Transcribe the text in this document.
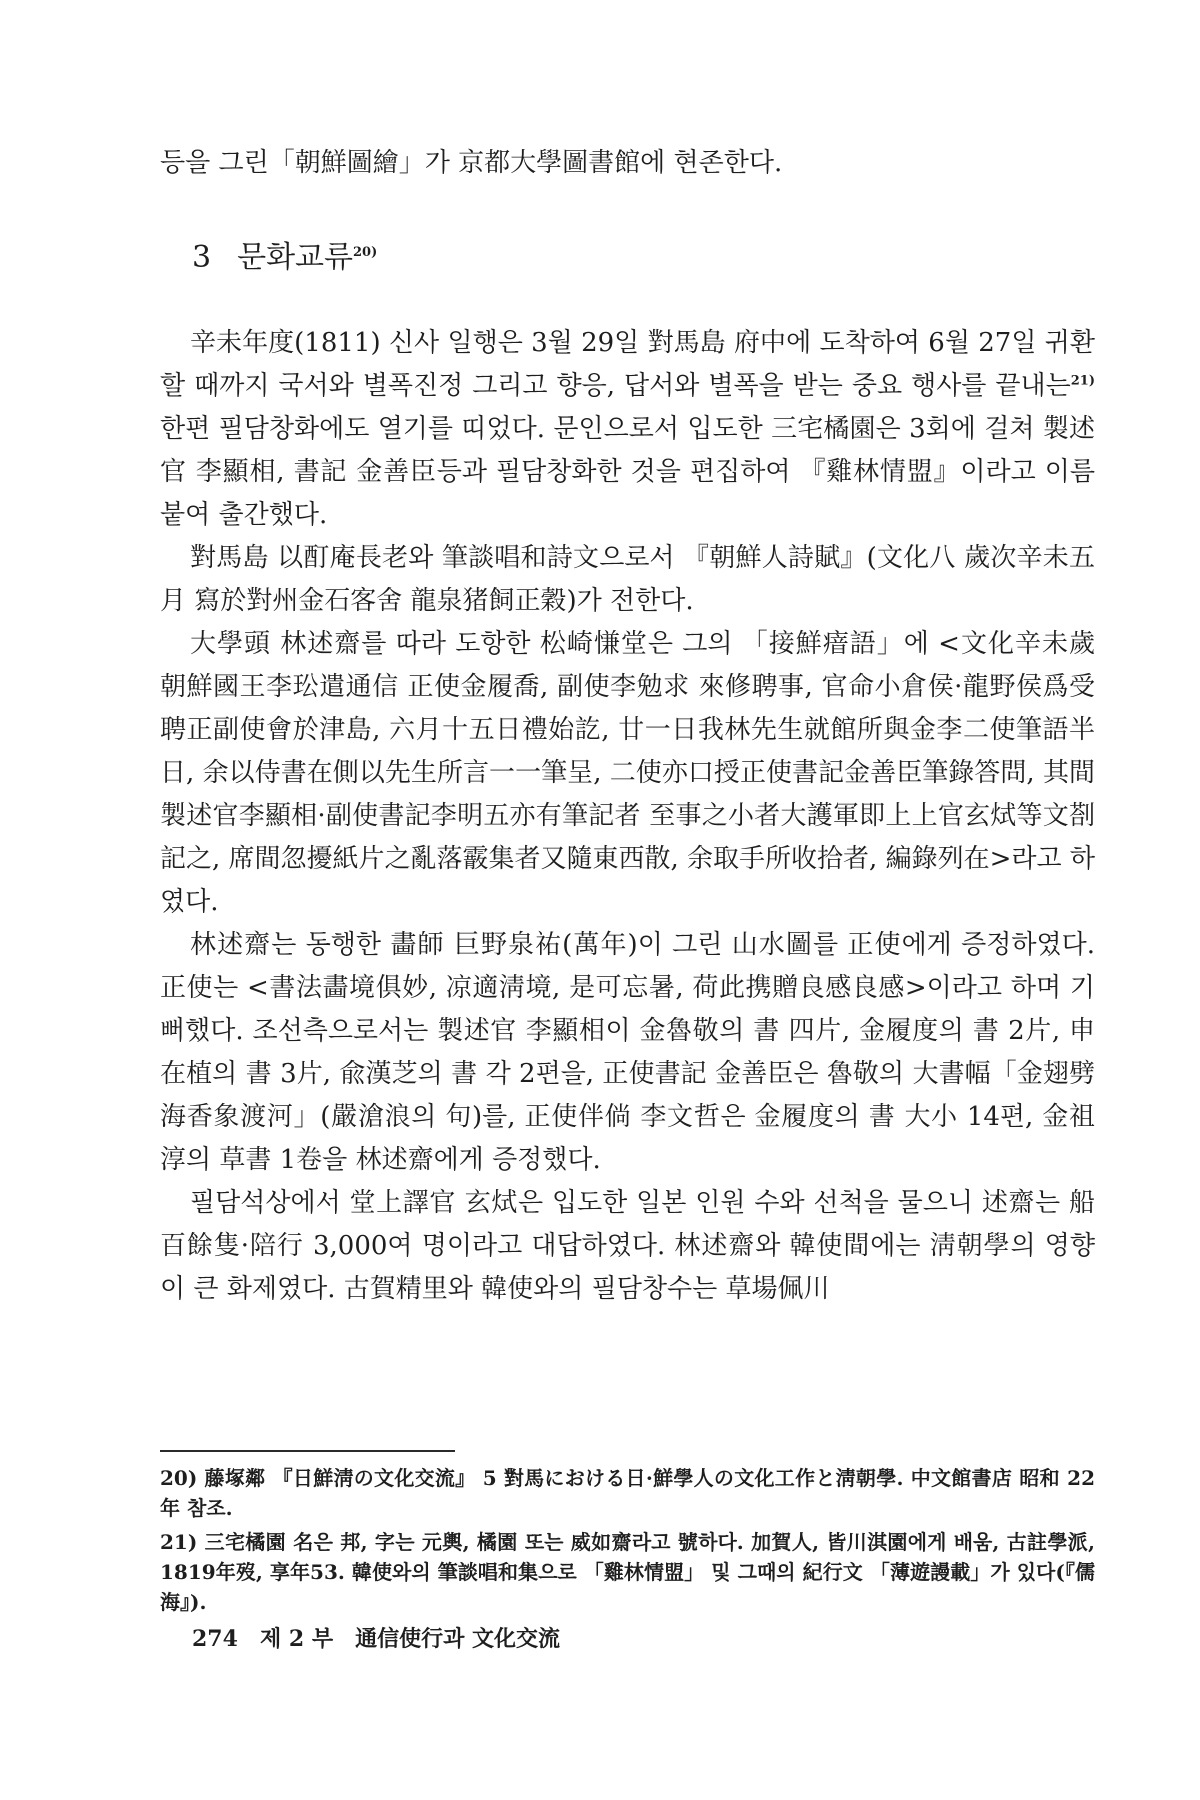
등을 그린「朝鮮圖繪」가 京都大學圖書館에 현존한다.
3 문화교류$^{20)}$

辛未年度(1811) 신사 일행은 3월 29일 對馬島 府中에 도착하여 6월 27일 귀환할 때까지 국서와 별폭진정 그리고 향응, 답서와 별폭을 받는 중요 행사를 끝내는$^{21)}$ 한편 필담창화에도 열기를 띠었다. 문인으로서 입도한 三宅橘園은 3회에 걸쳐 製述官 李顯相, 書記 金善臣등과 필담창화한 것을 편집하여 『雞林情盟』이라고 이름붙여 출간했다.

對馬島 以酊庵長老와 筆談唱和詩文으로서 『朝鮮人詩賦』(文化八 歲次辛未五月 寫於對州金石客舍 龍泉猪飼正穀)가 전한다.

大學頭 林述齋를 따라 도항한 松崎慊堂은 그의 「接鮮瘖語」에 <文化辛未歲 朝鮮國王李玜遣通信 正使金履喬, 副使李勉求 來修聘事, 官命小倉侯·龍野侯爲受聘正副使會於津島, 六月十五日禮始訖, 廿一日我林先生就館所與金李二使筆語半日, 余以侍書在側以先生所言一一筆呈, 二使亦口授正使書記金善臣筆錄答問, 其間製述官李顯相·副使書記李明五亦有筆記者 至事之小者大護軍即上上官玄烒等文剳記之, 席間忽擾紙片之亂落霰集者又隨東西散, 余取手所收拾者, 編錄列在>라고 하였다.

林述齋는 동행한 畵師 巨野泉祐(萬年)이 그린 山水圖를 正使에게 증정하였다. 正使는 <書法畵境俱妙, 凉適淸境, 是可忘暑, 荷此携贈良感良感>이라고 하며 기뻐했다. 조선측으로서는 製述官 李顯相이 金魯敬의 書 四片, 金履度의 書 2片, 申在植의 書 3片, 兪漢芝의 書 각 2편을, 正使書記 金善臣은 魯敬의 大書幅「金翅劈海香象渡河」(嚴滄浪의 句)를, 正使伴倘 李文哲은 金履度의 書 大小 14편, 金祖淳의 草書 1卷을 林述齋에게 증정했다.

필담석상에서 堂上譯官 玄烒은 입도한 일본 인원 수와 선척을 물으니 述齋는 船 百餘隻·陪行 3,000여 명이라고 대답하였다. 林述齋와 韓使間에는 淸朝學의 영향이 큰 화제였다. 古賀精里와 韓使와의 필담창수는 草場佩川

20) 藤塚鄰 『日鮮淸の文化交流』 5 對馬における日·鮮學人の文化工作と淸朝學. 中文館書店 昭和 22年 참조.

21) 三宅橘園 名은 邦, 字는 元輿, 橘園 또는 威如齋라고 號하다. 加賀人, 皆川淇園에게 배움, 古註學派, 1819年歿, 享年53. 韓使와의 筆談唱和集으로 「雞林情盟」 및 그때의 紀行文 「薄遊謾載」가 있다(『儒海』).

274 제 2 부 通信使行과 文化交流
